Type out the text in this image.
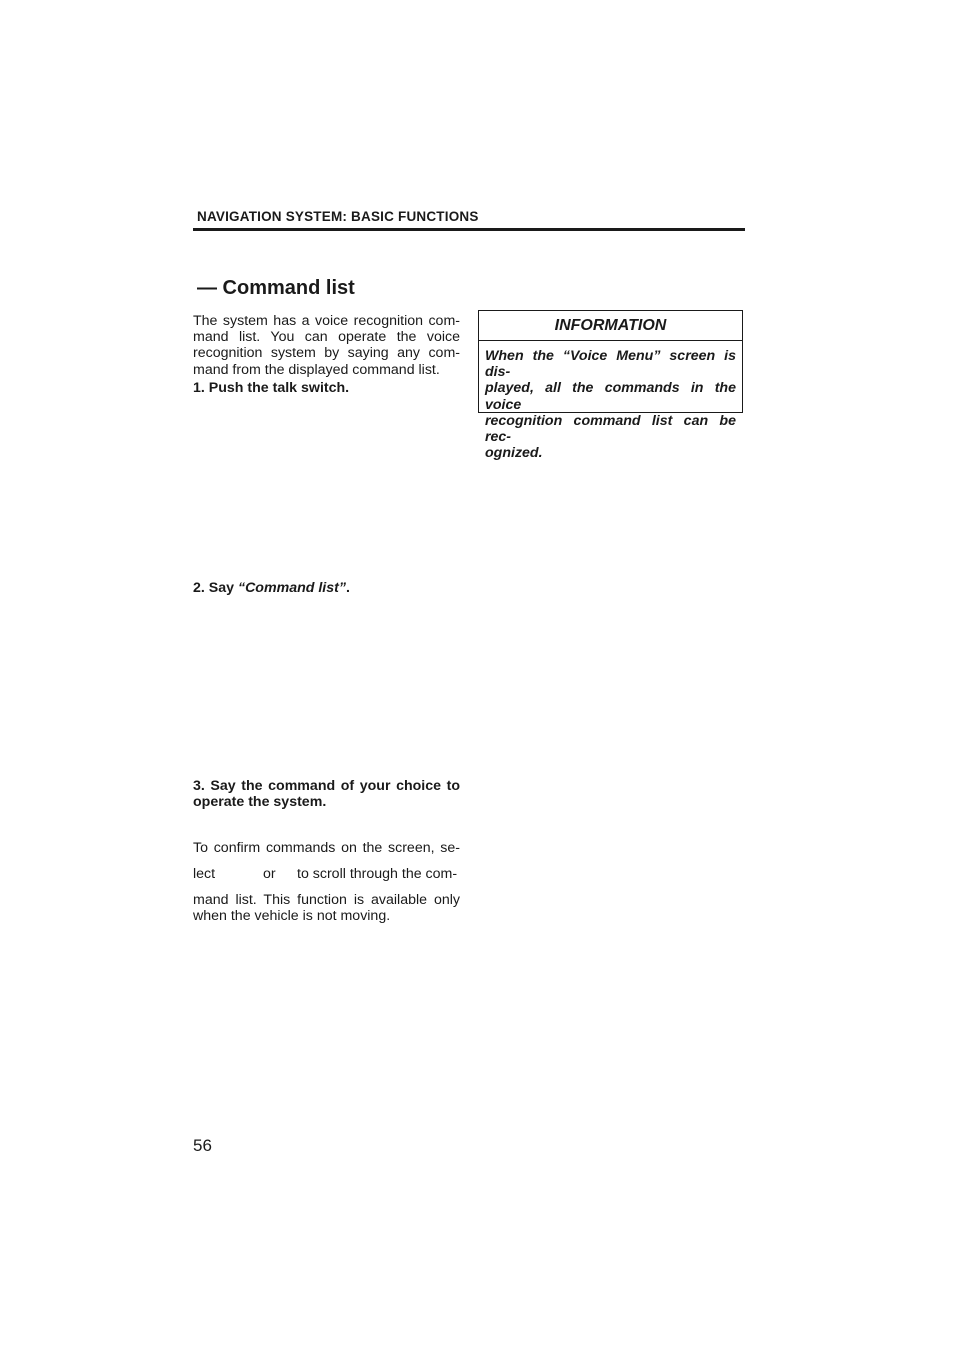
NAVIGATION SYSTEM: BASIC FUNCTIONS
— Command list
The system has a voice recognition com-
mand list. You can operate the voice
recognition system by saying any com-
mand from the displayed command list.
1. Push the talk switch.
2. Say “Command list”.
3. Say the command of your choice to
operate the system.
To confirm commands on the screen, se-
lect	or to scroll through the com-
mand list. This function is available only
when the vehicle is not moving.
INFORMATION
When the “Voice Menu” screen is dis-
played, all the commands in the voice
recognition command list can be rec-
ognized.
56
